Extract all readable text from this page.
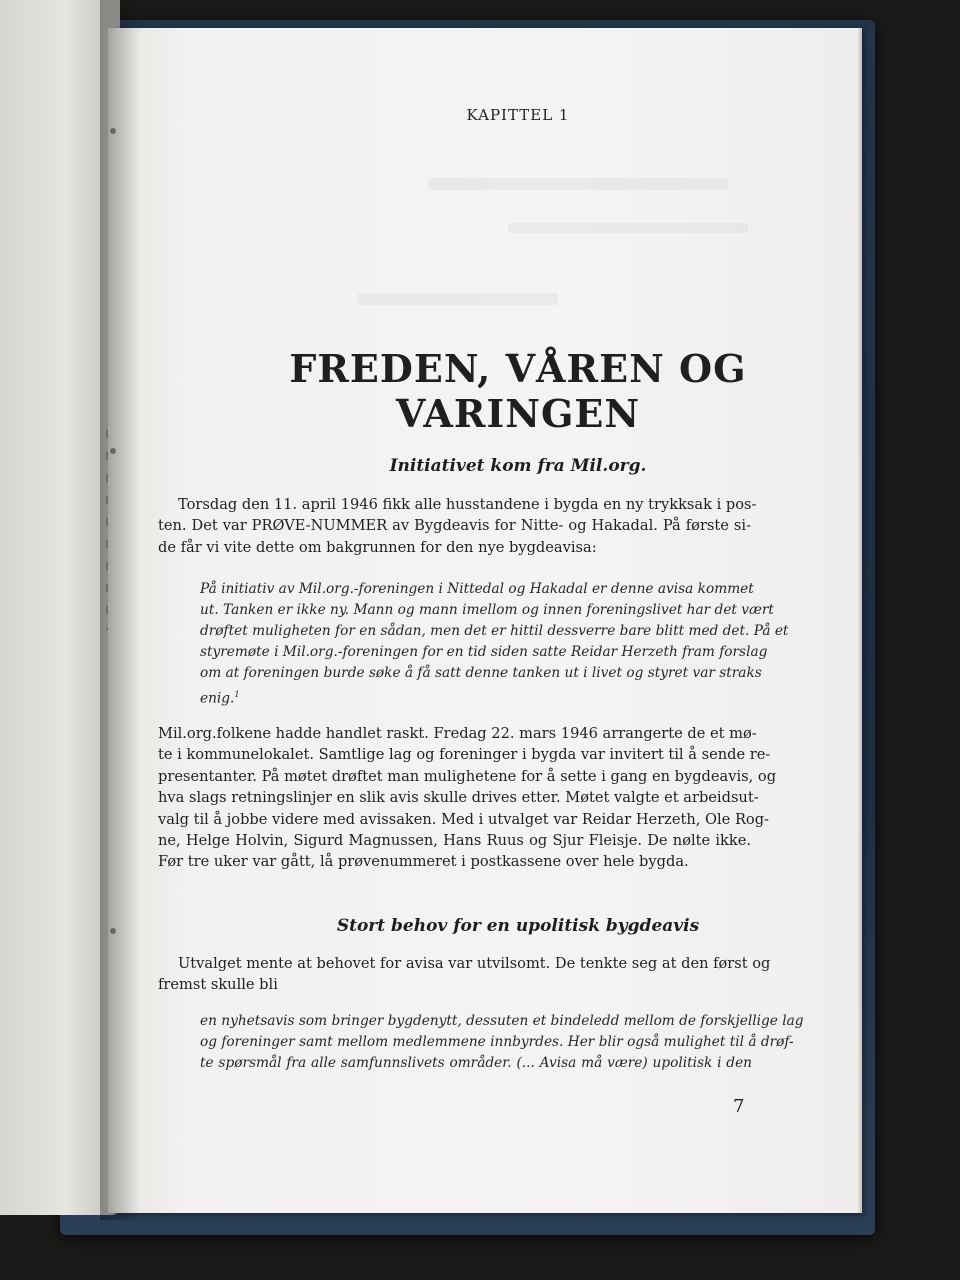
KAPITTEL 1
FREDEN, VÅREN OG VARINGEN
Initiativet kom fra Mil.org.
Torsdag den 11. april 1946 fikk alle husstandene i bygda en ny trykksak i pos-
ten. Det var PRØVE-NUMMER av Bygdeavis for Nitte- og Hakadal. På første si-
de får vi vite dette om bakgrunnen for den nye bygdeavisa:
På initiativ av Mil.org.-foreningen i Nittedal og Hakadal er denne avisa kommet
ut. Tanken er ikke ny. Mann og mann imellom og innen foreningslivet har det vært
drøftet muligheten for en sådan, men det er hittil dessverre bare blitt med det. På et
styremøte i Mil.org.-foreningen for en tid siden satte Reidar Herzeth fram forslag
om at foreningen burde søke å få satt denne tanken ut i livet og styret var straks
enig.$^1$
Mil.org.folkene hadde handlet raskt. Fredag 22. mars 1946 arrangerte de et mø-
te i kommunelokalet. Samtlige lag og foreninger i bygda var invitert til å sende re-
presentanter. På møtet drøftet man mulighetene for å sette i gang en bygdeavis, og
hva slags retningslinjer en slik avis skulle drives etter. Møtet valgte et arbeidsut-
valg til å jobbe videre med avissaken. Med i utvalget var Reidar Herzeth, Ole Rog-
ne, Helge Holvin, Sigurd Magnussen, Hans Ruus og Sjur Fleisje. De nølte ikke.
Før tre uker var gått, lå prøvenummeret i postkassene over hele bygda.
Stort behov for en upolitisk bygdeavis
Utvalget mente at behovet for avisa var utvilsomt. De tenkte seg at den først og
fremst skulle bli
en nyhetsavis som bringer bygdenytt, dessuten et bindeledd mellom de forskjellige lag
og foreninger samt mellom medlemmene innbyrdes. Her blir også mulighet til å drøf-
te spørsmål fra alle samfunnslivets områder. (... Avisa må være) upolitisk i den
7
